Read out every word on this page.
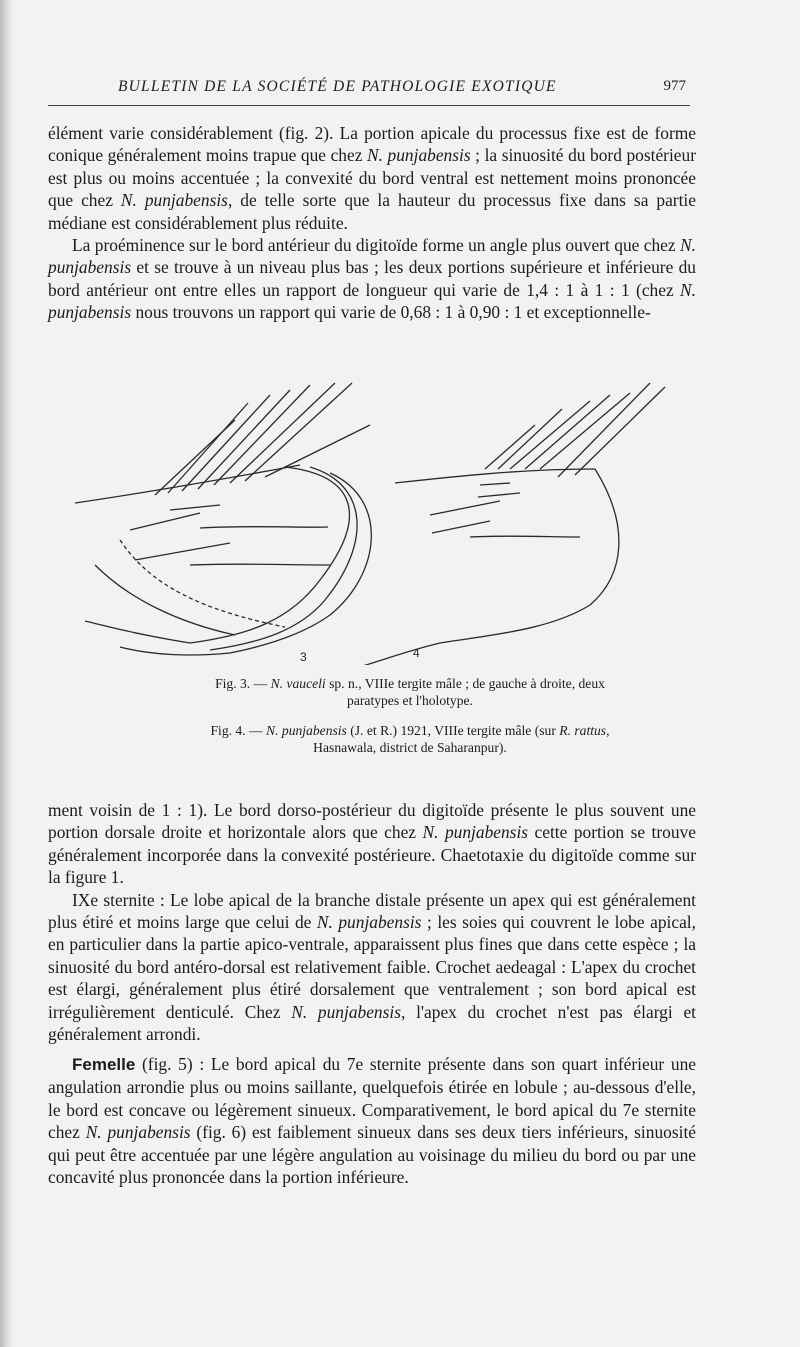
BULLETIN DE LA SOCIÉTÉ DE PATHOLOGIE EXOTIQUE	977

élément varie considérablement (fig. 2). La portion apicale du processus fixe est de forme conique généralement moins trapue que chez N. punjabensis ; la sinuosité du bord postérieur est plus ou moins accentuée ; la convexité du bord ventral est nettement moins prononcée que chez N. punjabensis, de telle sorte que la hauteur du processus fixe dans sa partie médiane est considérablement plus réduite.

La proéminence sur le bord antérieur du digitoïde forme un angle plus ouvert que chez N. punjabensis et se trouve à un niveau plus bas ; les deux portions supérieure et inférieure du bord antérieur ont entre elles un rapport de longueur qui varie de 1,4 : 1 à 1 : 1 (chez N. punjabensis nous trouvons un rapport qui varie de 0,68 : 1 à 0,90 : 1 et exceptionnelle-

3	4

Fig. 3. — N. vauceli sp. n., VIIIe tergite mâle ; de gauche à droite, deux paratypes et l'holotype.

Fig. 4. — N. punjabensis (J. et R.) 1921, VIIIe tergite mâle (sur R. rattus, Hasnawala, district de Saharanpur).

ment voisin de 1 : 1). Le bord dorso-postérieur du digitoïde présente le plus souvent une portion dorsale droite et horizontale alors que chez N. punjabensis cette portion se trouve généralement incorporée dans la convexité postérieure. Chaetotaxie du digitoïde comme sur la figure 1.

IXe sternite : Le lobe apical de la branche distale présente un apex qui est généralement plus étiré et moins large que celui de N. punjabensis ; les soies qui couvrent le lobe apical, en particulier dans la partie apico-ventrale, apparaissent plus fines que dans cette espèce ; la sinuosité du bord antéro-dorsal est relativement faible. Crochet aedeagal : L'apex du crochet est élargi, généralement plus étiré dorsalement que ventralement ; son bord apical est irrégulièrement denticulé. Chez N. punjabensis, l'apex du crochet n'est pas élargi et généralement arrondi.

Femelle (fig. 5) : Le bord apical du 7e sternite présente dans son quart inférieur une angulation arrondie plus ou moins saillante, quelquefois étirée en lobule ; au-dessous d'elle, le bord est concave ou légèrement sinueux. Comparativement, le bord apical du 7e sternite chez N. punjabensis (fig. 6) est faiblement sinueux dans ses deux tiers inférieurs, sinuosité qui peut être accentuée par une légère angulation au voisinage du milieu du bord ou par une concavité plus prononcée dans la portion inférieure.
